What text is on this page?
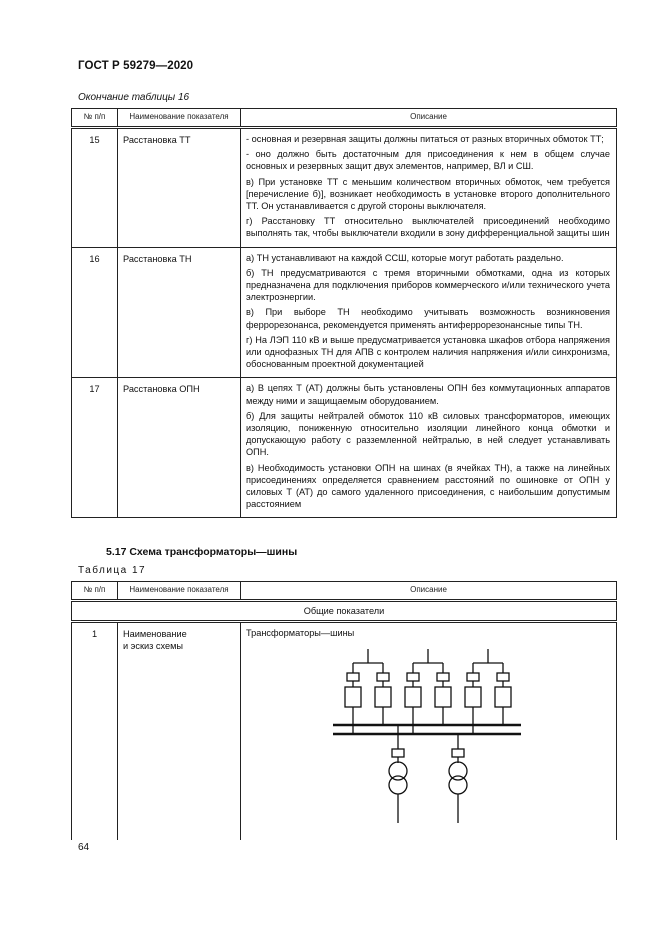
ГОСТ Р 59279—2020
Окончание таблицы 16
№ п/п	Наименование показателя	Описание
15	Расстановка ТТ	- основная и резервная защиты должны питаться от разных вторичных обмоток ТТ;

- оно должно быть достаточным для присоединения к нем в общем случае основных и резервных защит двух элементов, например, ВЛ и СШ.

в) При установке ТТ с меньшим количеством вторичных обмоток, чем требуется [перечисление б)], возникает необходимость в установке второго дополнительного ТТ. Он устанавливается с другой стороны выключателя.

г) Расстановку ТТ относительно выключателей присоединений необходимо выполнять так, чтобы выключатели входили в зону дифференциальной защиты шин

16	Расстановка ТН	а) ТН устанавливают на каждой ССШ, которые могут работать раздельно.

б) ТН предусматриваются с тремя вторичными обмотками, одна из которых предназначена для подключения приборов коммерческого и/или технического учета электроэнергии.

в) При выборе ТН необходимо учитывать возможность возникновения феррорезонанса, рекомендуется применять антиферрорезонансные типы ТН.

г) На ЛЭП 110 кВ и выше предусматривается установка шкафов отбора напряжения или однофазных ТН для АПВ с контролем наличия напряжения и/или синхронизма, обоснованным проектной документацией

17	Расстановка ОПН	а) В цепях Т (АТ) должны быть установлены ОПН без коммутационных аппаратов между ними и защищаемым оборудованием.

б) Для защиты нейтралей обмоток 110 кВ силовых трансформаторов, имеющих изоляцию, пониженную относительно изоляции линейного конца обмотки и допускающую работу с разземленной нейтралью, в ней следует устанавливать ОПН.

в) Необходимость установки ОПН на шинах (в ячейках ТН), а также на линейных присоединениях определяется сравнением расстояний по ошиновке от ОПН у силовых Т (АТ) до самого удаленного присоединения, с наибольшим допустимым расстоянием

5.17 Схема трансформаторы—шины
Таблица 17
№ п/п	Наименование показателя	Описание
Общие показатели		
1	Наименование
и эскиз схемы	Трансформаторы—шины
64
